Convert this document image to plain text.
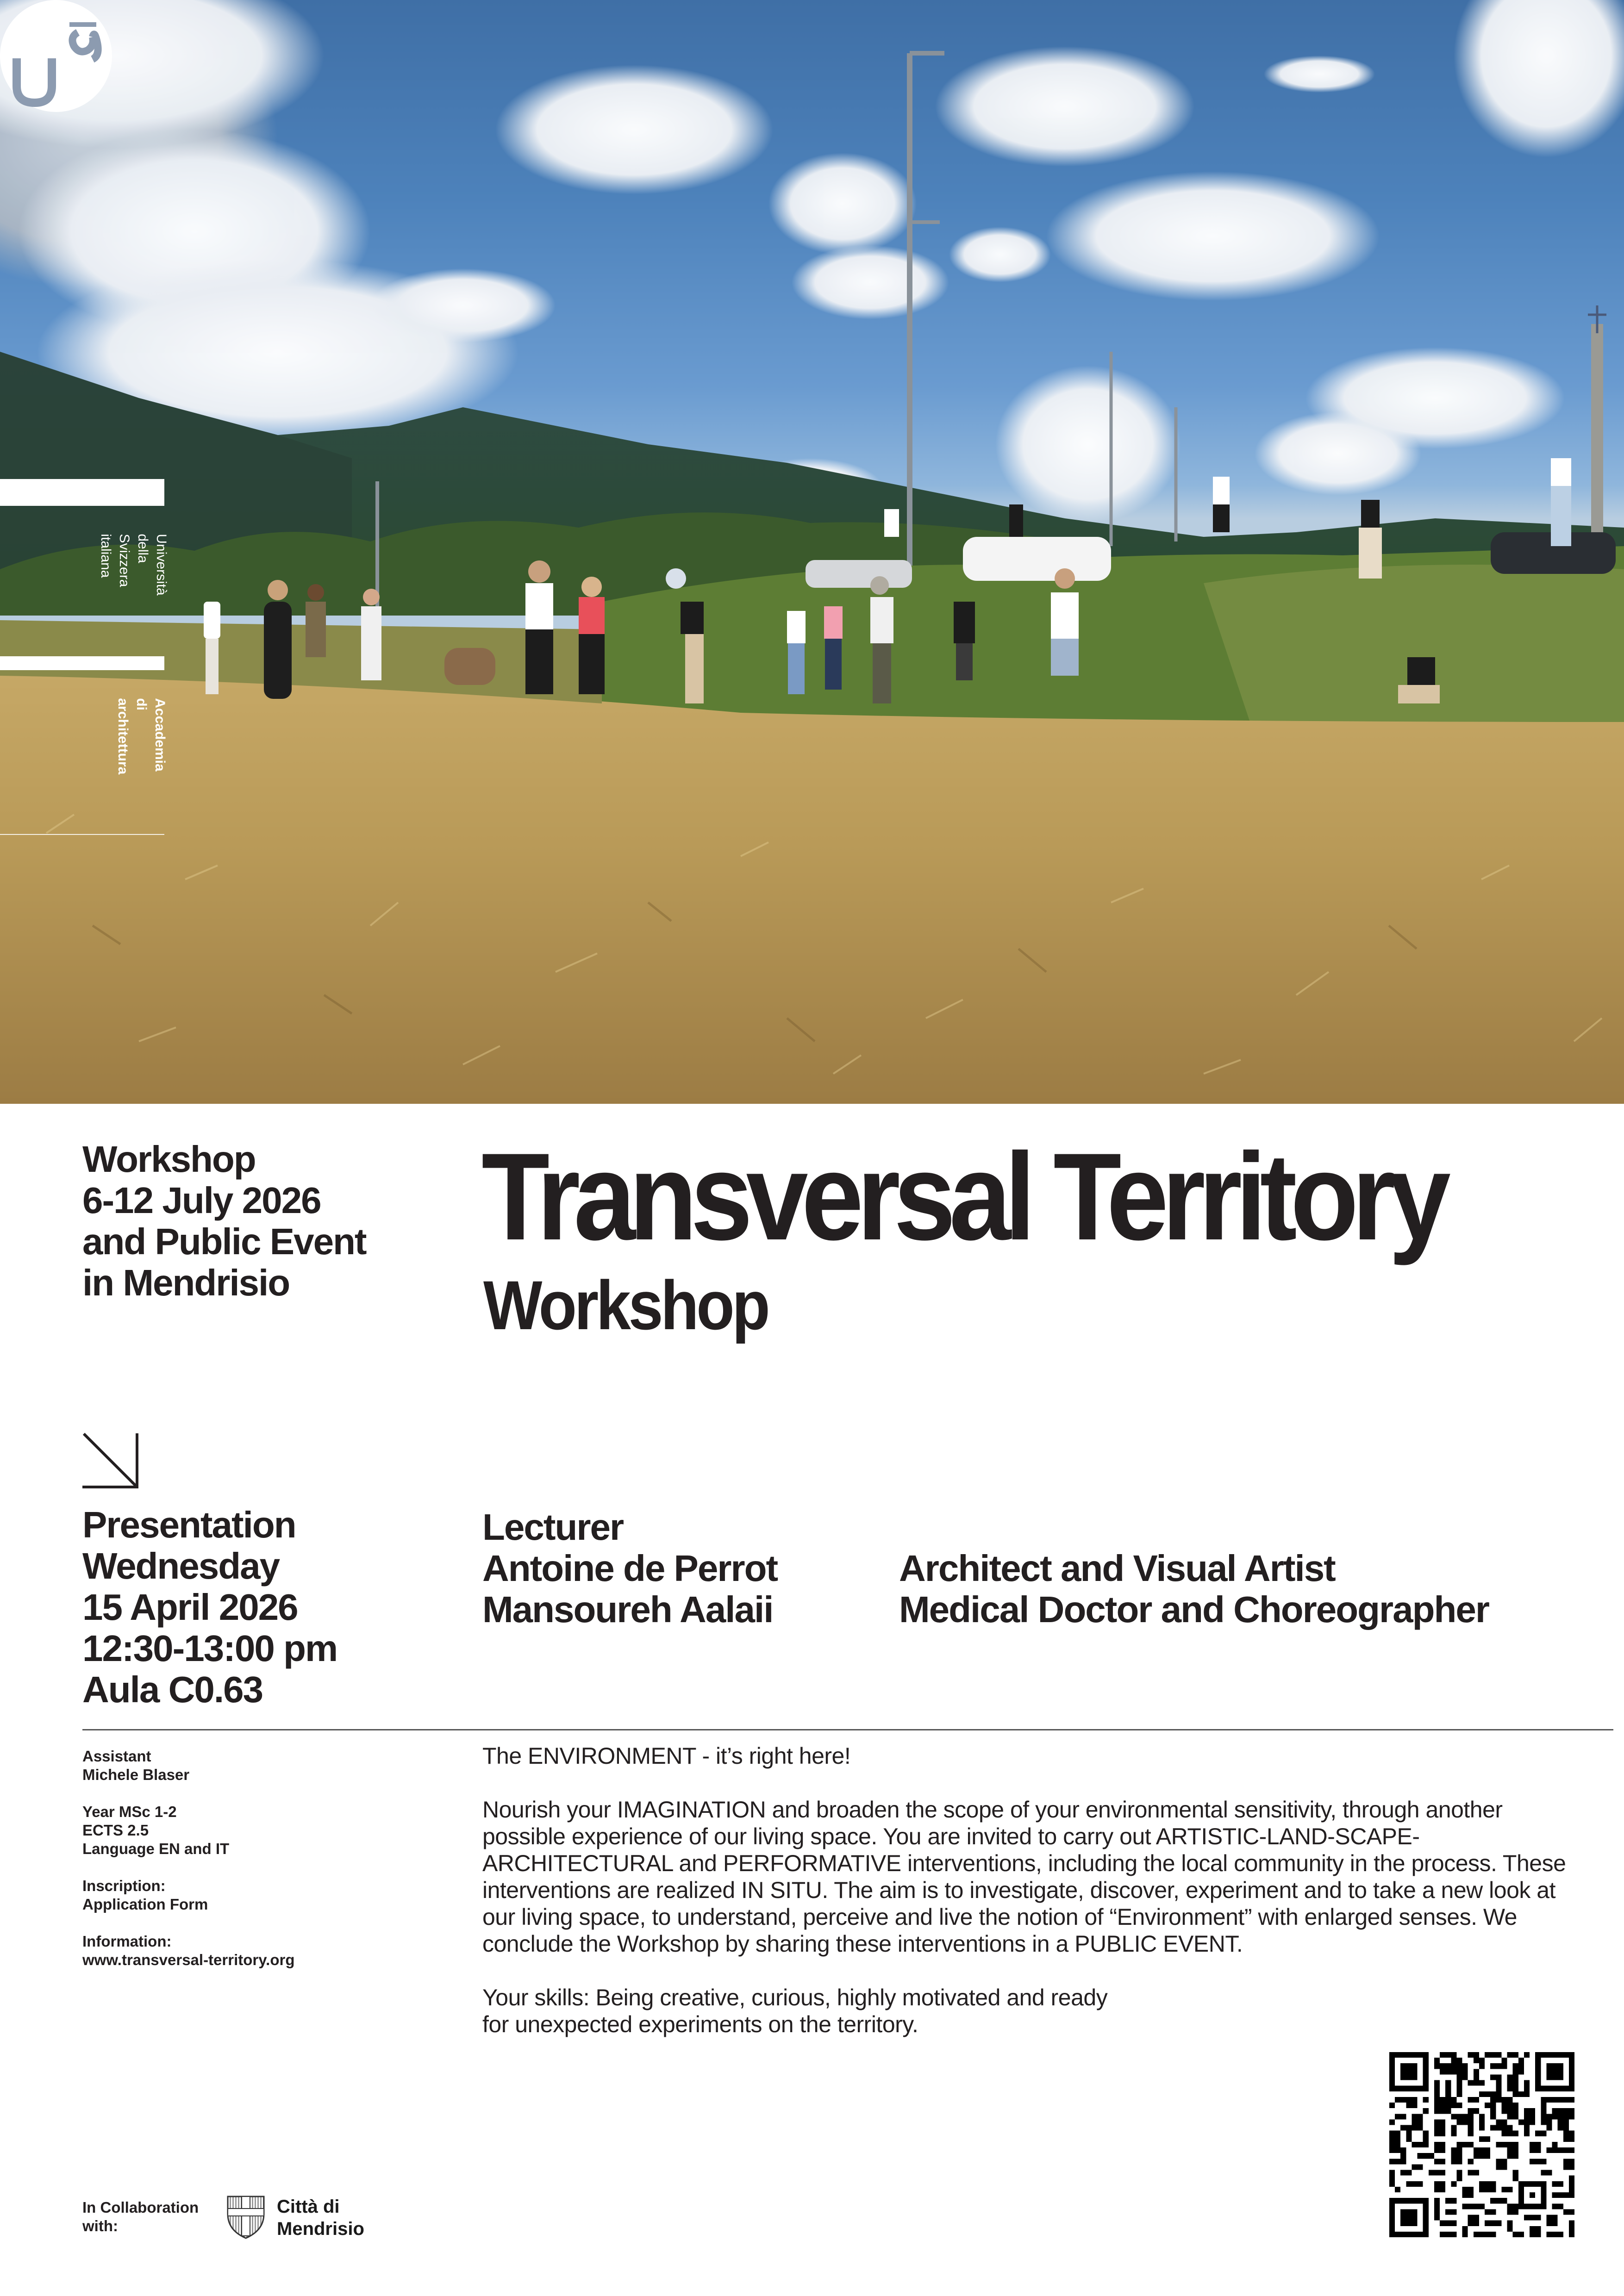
Università
della
Svizzera
italiana

Accademia
di
architettura

Workshop
6-12 July 2026
and Public Event
in Mendrisio
Transversal Territory
Workshop
Presentation
Wednesday
15 April 2026
12:30-13:00 pm
Aula C0.63
Lecturer
Antoine de Perrot	Architect and Visual Artist
Mansoureh Aalaii	Medical Doctor and Choreographer
Assistant
Michele Blaser
Year MSc 1-2
ECTS 2.5
Language EN and IT
Inscription:
Application Form
Information:
www.transversal-territory.org

The ENVIRONMENT - it’s right here!

Nourish your IMAGINATION and broaden the scope of your environmental sensitivity, through another possible experience of our living space. You are invited to carry out ARTISTIC-LAND-SCAPE-ARCHITECTURAL and PERFORMATIVE interventions, including the local community in the process. These interventions are realized IN SITU. The aim is to investigate, discover, experiment and to take a new look at our living space, to understand, perceive and live the notion of “Environment” with enlarged senses. We conclude the Workshop by sharing these interventions in a PUBLIC EVENT.

Your skills: Being creative, curious, highly motivated and ready for unexpected experiments on the territory.

In Collaboration
with:
Città di
Mendrisio
